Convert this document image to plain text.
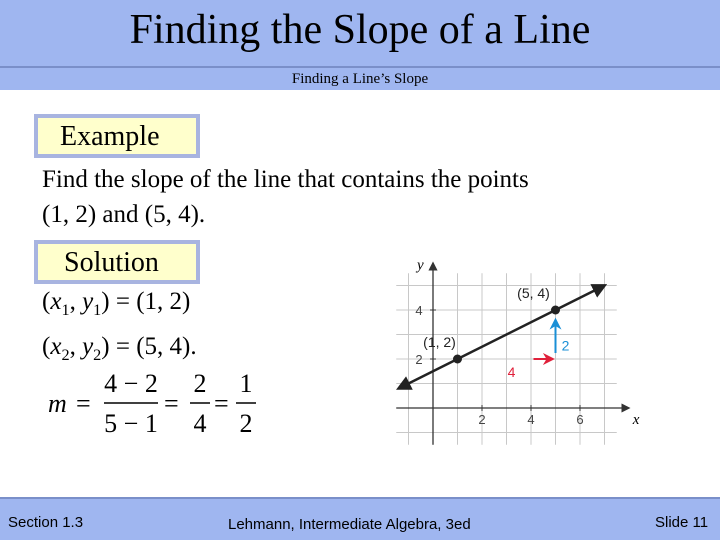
Finding the Slope of a Line
Finding a Line’s Slope
Example
Find the slope of the line that contains the points
(1, 2) and (5, 4).
Solution
($x_1$, $y_1) = (1$, 2)
($x_2$, $y_2) = (5$, 4).
m =
4 − 2
5 − 1
=
2
4
=
1
2	2	4	6
2
4
x
y
(1, 2)
(5, 4)
2
4
Section 1.3	Lehmann, Intermediate Algebra, 3ed	Slide 11
